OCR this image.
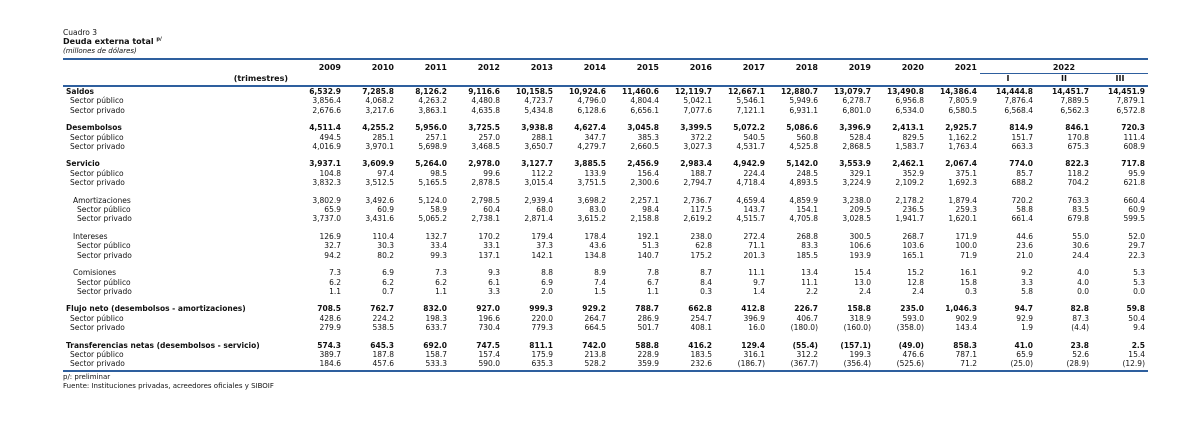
Cuadro 3
Deuda externa total $^{p/}$
(millones de dólares)
	2009	2010	2011	2012	2013	2014	2015	2016	2017	2018	2019	2020	2021	2022		
(trimestres)														I	II	III
Saldos	6,532.9	7,285.8	8,126.2	9,116.6	10,158.5	10,924.6	11,460.6	12,119.7	12,667.1	12,880.7	13,079.7	13,490.8	14,386.4	14,444.8	14,451.7	14,451.9
Sector público	3,856.4	4,068.2	4,263.2	4,480.8	4,723.7	4,796.0	4,804.4	5,042.1	5,546.1	5,949.6	6,278.7	6,956.8	7,805.9	7,876.4	7,889.5	7,879.1
Sector privado	2,676.6	3,217.6	3,863.1	4,635.8	5,434.8	6,128.6	6,656.1	7,077.6	7,121.1	6,931.1	6,801.0	6,534.0	6,580.5	6,568.4	6,562.3	6,572.8

Desembolsos	4,511.4	4,255.2	5,956.0	3,725.5	3,938.8	4,627.4	3,045.8	3,399.5	5,072.2	5,086.6	3,396.9	2,413.1	2,925.7	814.9	846.1	720.3
Sector público	494.5	285.1	257.1	257.0	288.1	347.7	385.3	372.2	540.5	560.8	528.4	829.5	1,162.2	151.7	170.8	111.4
Sector privado	4,016.9	3,970.1	5,698.9	3,468.5	3,650.7	4,279.7	2,660.5	3,027.3	4,531.7	4,525.8	2,868.5	1,583.7	1,763.4	663.3	675.3	608.9

Servicio	3,937.1	3,609.9	5,264.0	2,978.0	3,127.7	3,885.5	2,456.9	2,983.4	4,942.9	5,142.0	3,553.9	2,462.1	2,067.4	774.0	822.3	717.8
Sector público	104.8	97.4	98.5	99.6	112.2	133.9	156.4	188.7	224.4	248.5	329.1	352.9	375.1	85.7	118.2	95.9
Sector privado	3,832.3	3,512.5	5,165.5	2,878.5	3,015.4	3,751.5	2,300.6	2,794.7	4,718.4	4,893.5	3,224.9	2,109.2	1,692.3	688.2	704.2	621.8

Amortizaciones	3,802.9	3,492.6	5,124.0	2,798.5	2,939.4	3,698.2	2,257.1	2,736.7	4,659.4	4,859.9	3,238.0	2,178.2	1,879.4	720.2	763.3	660.4
Sector público	65.9	60.9	58.9	60.4	68.0	83.0	98.4	117.5	143.7	154.1	209.5	236.5	259.3	58.8	83.5	60.9
Sector privado	3,737.0	3,431.6	5,065.2	2,738.1	2,871.4	3,615.2	2,158.8	2,619.2	4,515.7	4,705.8	3,028.5	1,941.7	1,620.1	661.4	679.8	599.5

Intereses	126.9	110.4	132.7	170.2	179.4	178.4	192.1	238.0	272.4	268.8	300.5	268.7	171.9	44.6	55.0	52.0
Sector público	32.7	30.3	33.4	33.1	37.3	43.6	51.3	62.8	71.1	83.3	106.6	103.6	100.0	23.6	30.6	29.7
Sector privado	94.2	80.2	99.3	137.1	142.1	134.8	140.7	175.2	201.3	185.5	193.9	165.1	71.9	21.0	24.4	22.3

Comisiones	7.3	6.9	7.3	9.3	8.8	8.9	7.8	8.7	11.1	13.4	15.4	15.2	16.1	9.2	4.0	5.3
Sector público	6.2	6.2	6.2	6.1	6.9	7.4	6.7	8.4	9.7	11.1	13.0	12.8	15.8	3.3	4.0	5.3
Sector privado	1.1	0.7	1.1	3.3	2.0	1.5	1.1	0.3	1.4	2.2	2.4	2.4	0.3	5.8	0.0	0.0

Flujo neto (desembolsos - amortizaciones)	708.5	762.7	832.0	927.0	999.3	929.2	788.7	662.8	412.8	226.7	158.8	235.0	1,046.3	94.7	82.8	59.8
Sector público	428.6	224.2	198.3	196.6	220.0	264.7	286.9	254.7	396.9	406.7	318.9	593.0	902.9	92.9	87.3	50.4
Sector privado	279.9	538.5	633.7	730.4	779.3	664.5	501.7	408.1	16.0	(180.0)	(160.0)	(358.0)	143.4	1.9	(4.4)	9.4

Transferencias netas (desembolsos - servicio)	574.3	645.3	692.0	747.5	811.1	742.0	588.8	416.2	129.4	(55.4)	(157.1)	(49.0)	858.3	41.0	23.8	2.5
Sector público	389.7	187.8	158.7	157.4	175.9	213.8	228.9	183.5	316.1	312.2	199.3	476.6	787.1	65.9	52.6	15.4
Sector privado	184.6	457.6	533.3	590.0	635.3	528.2	359.9	232.6	(186.7)	(367.7)	(356.4)	(525.6)	71.2	(25.0)	(28.9)	(12.9)
p/: preliminar
Fuente: Instituciones privadas, acreedores oficiales y SIBOIF
